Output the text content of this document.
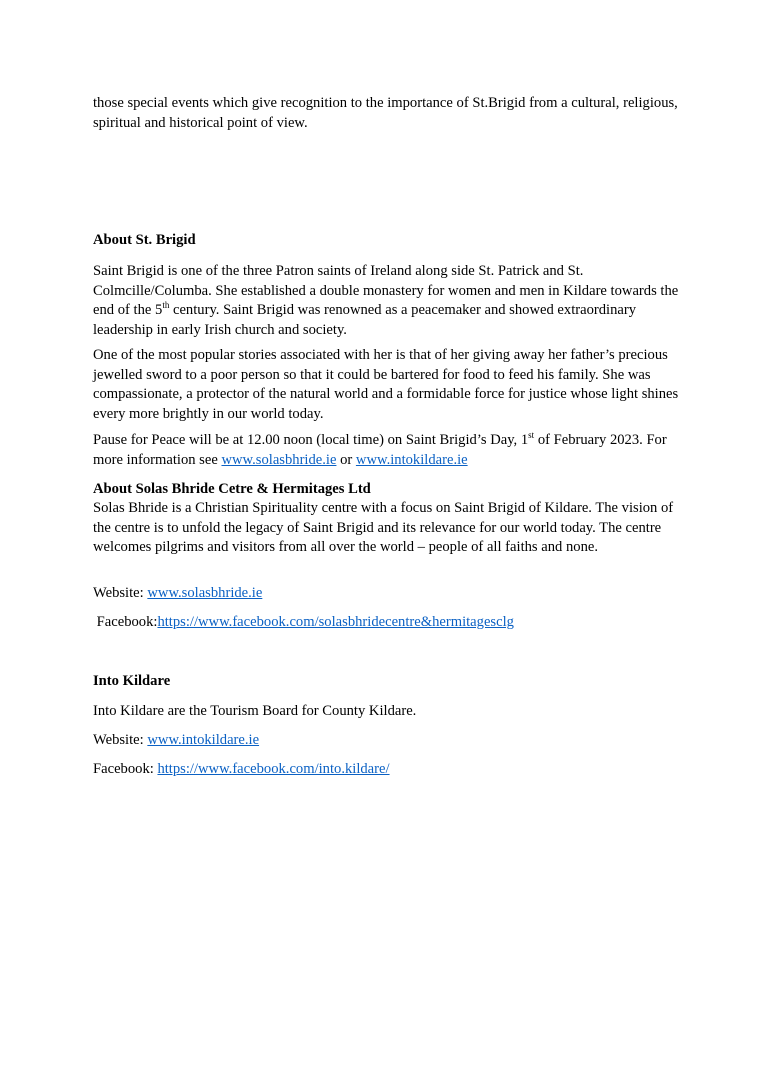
those special events which give recognition to the importance of St.Brigid from a cultural, religious, spiritual and historical point of view.

About St. Brigid

Saint Brigid is one of the three Patron saints of Ireland along side St. Patrick and St. Colmcille/Columba. She established a double monastery for women and men in Kildare towards the end of the 5th century. Saint Brigid was renowned as a peacemaker and showed extraordinary leadership in early Irish church and society.

One of the most popular stories associated with her is that of her giving away her father’s precious jewelled sword to a poor person so that it could be bartered for food to feed his family. She was compassionate, a protector of the natural world and a formidable force for justice whose light shines every more brightly in our world today.

Pause for Peace will be at 12.00 noon (local time) on Saint Brigid’s Day, 1st of February 2023. For more information see www.solasbhride.ie or www.intokildare.ie

About Solas Bhride Cetre & Hermitages Ltd

Solas Bhride is a Christian Spirituality centre with a focus on Saint Brigid of Kildare. The vision of the centre is to unfold the legacy of Saint Brigid and its relevance for our world today. The centre welcomes pilgrims and visitors from all over the world – people of all faiths and none.

Website: www.solasbhride.ie

Facebook:https://www.facebook.com/solasbhridecentre&hermitagesclg

Into Kildare

Into Kildare are the Tourism Board for County Kildare.

Website: www.intokildare.ie

Facebook: https://www.facebook.com/into.kildare/
